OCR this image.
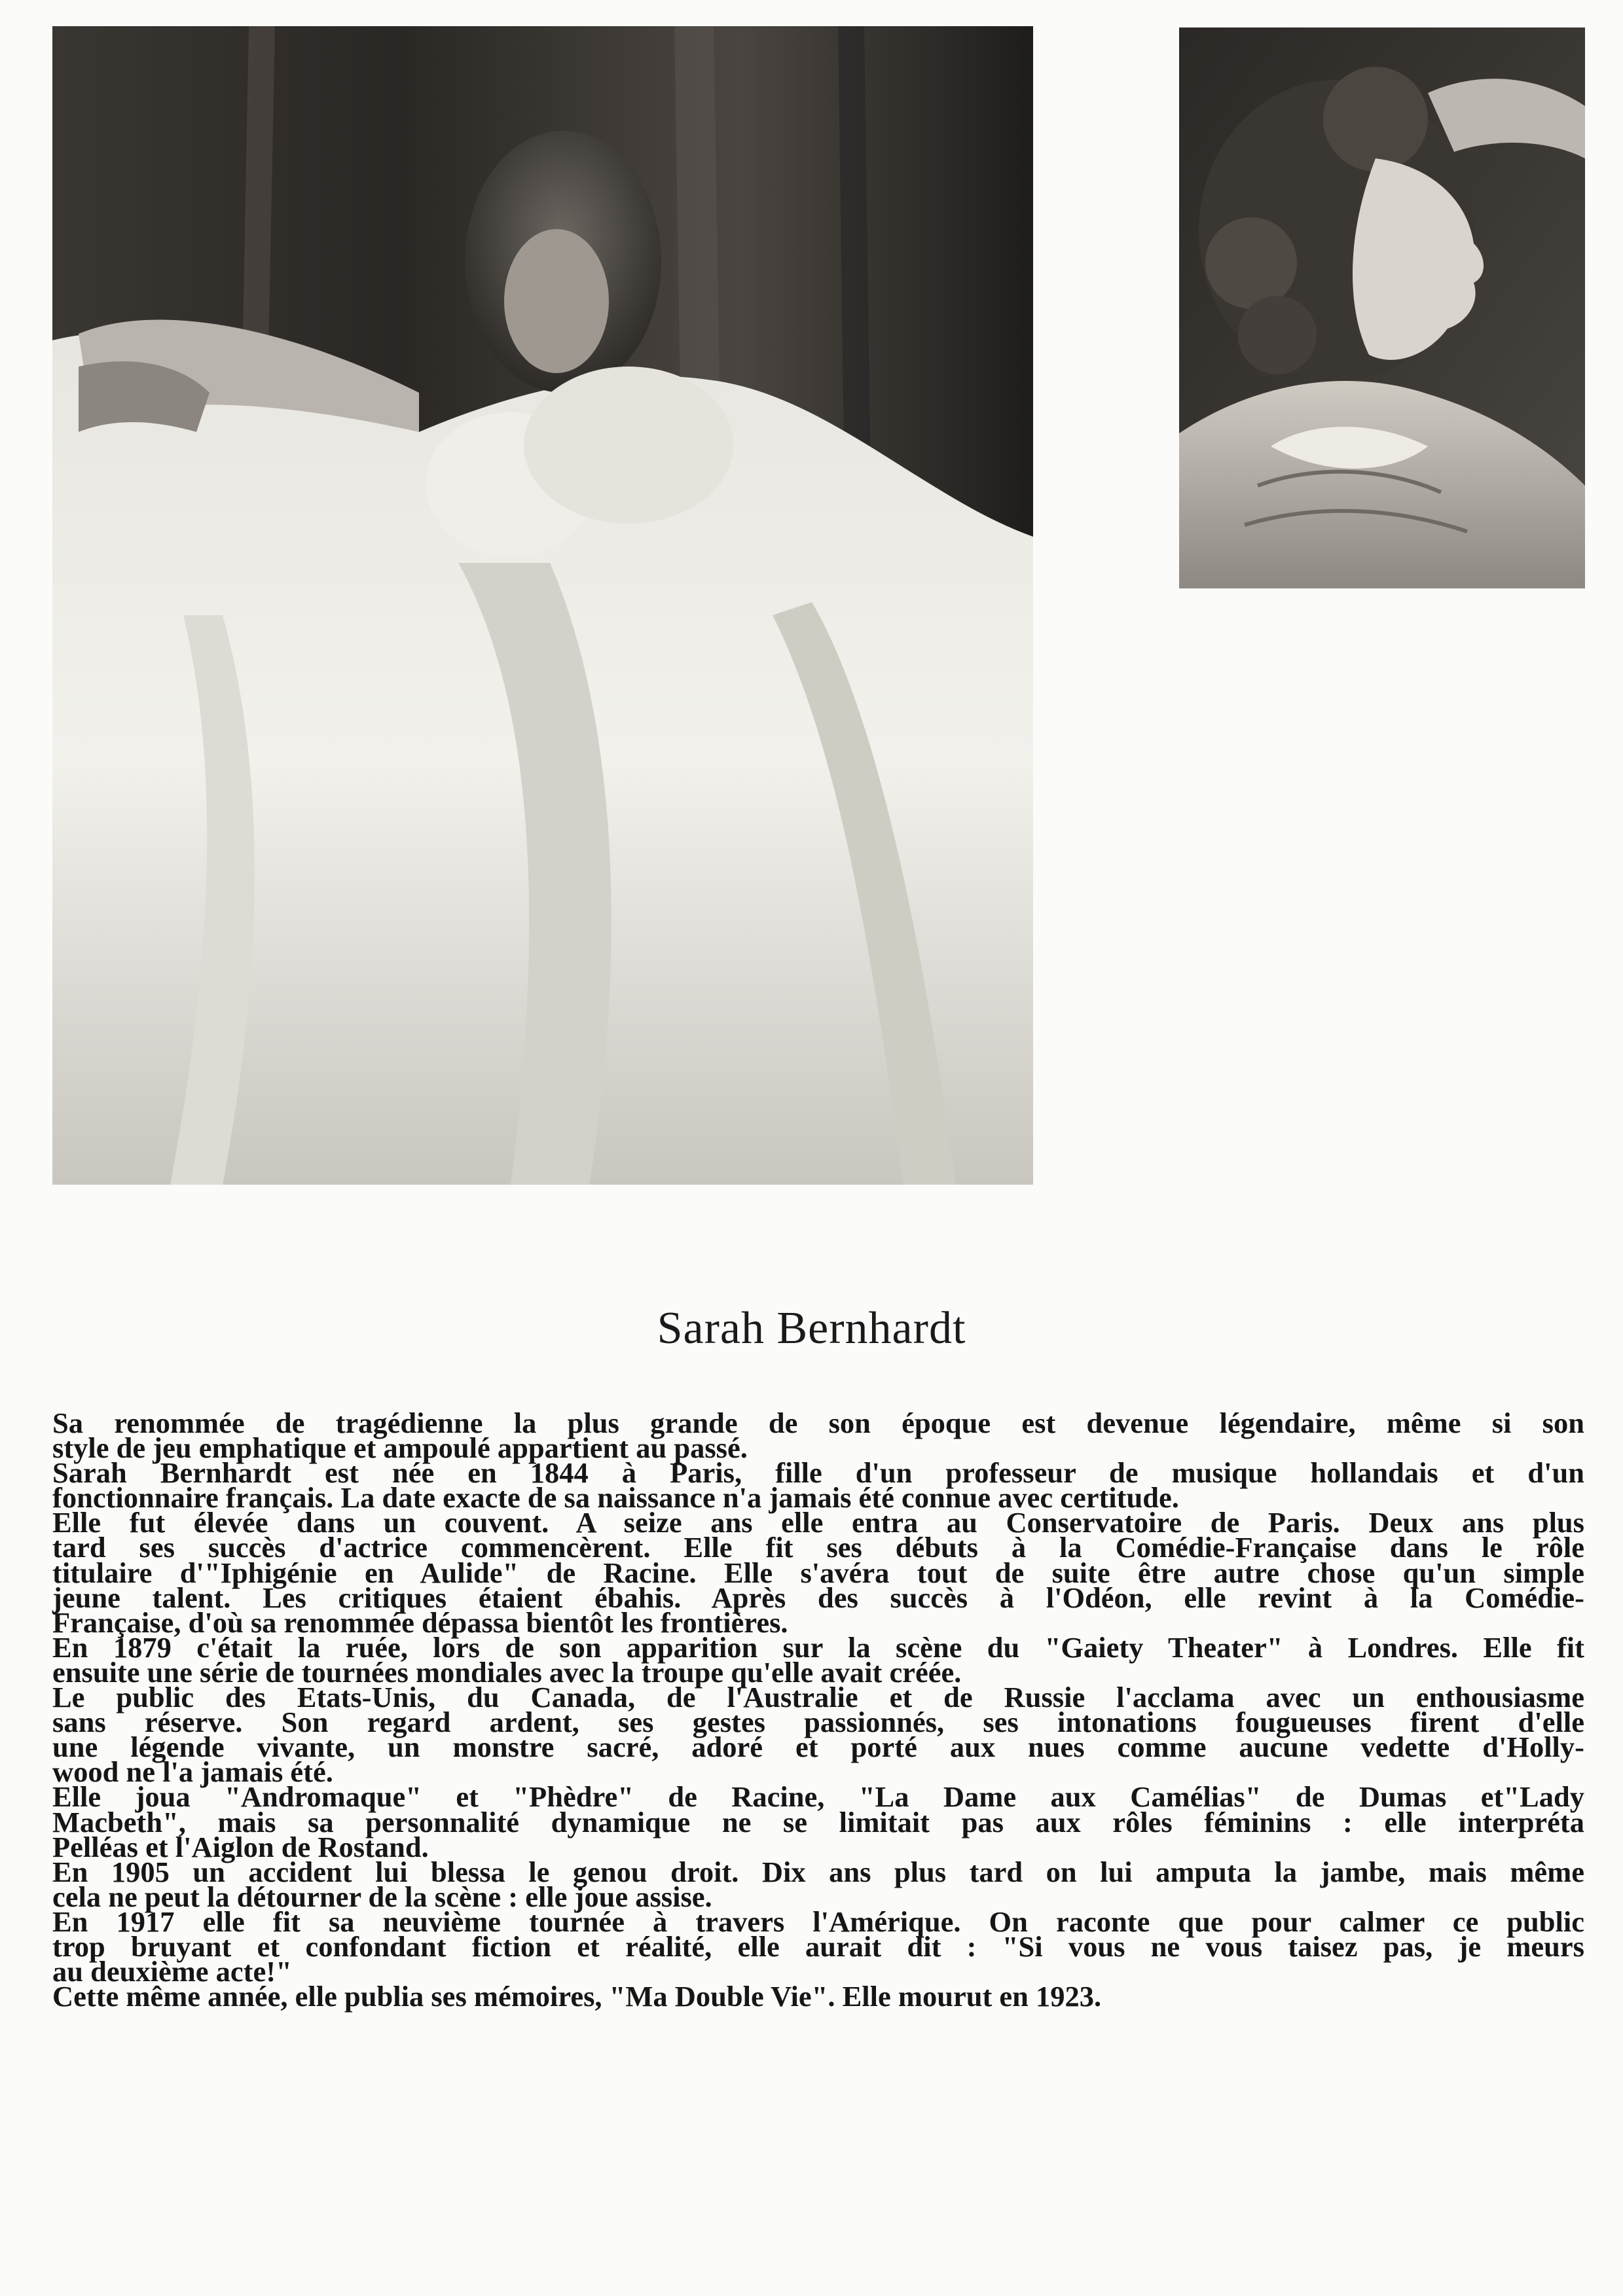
Sarah Bernhardt
Sa renommée de tragédienne la plus grande de son époque est devenue légendaire, même si son
style de jeu emphatique et ampoulé appartient au passé.
Sarah Bernhardt est née en 1844 à Paris, fille d'un professeur de musique hollandais et d'un
fonctionnaire français. La date exacte de sa naissance n'a jamais été connue avec certitude.
Elle fut élevée dans un couvent. A seize ans elle entra au Conservatoire de Paris. Deux ans plus
tard ses succès d'actrice commencèrent. Elle fit ses débuts à la Comédie-Française dans le rôle
titulaire d'"Iphigénie en Aulide" de Racine. Elle s'avéra tout de suite être autre chose qu'un simple
jeune talent. Les critiques étaient ébahis. Après des succès à l'Odéon, elle revint à la Comédie-
Française, d'où sa renommée dépassa bientôt les frontières.
En 1879 c'était la ruée, lors de son apparition sur la scène du "Gaiety Theater" à Londres. Elle fit
ensuite une série de tournées mondiales avec la troupe qu'elle avait créée.
Le public des Etats-Unis, du Canada, de l'Australie et de Russie l'acclama avec un enthousiasme
sans réserve. Son regard ardent, ses gestes passionnés, ses intonations fougueuses firent d'elle
une légende vivante, un monstre sacré, adoré et porté aux nues comme aucune vedette d'Holly-
wood ne l'a jamais été.
Elle joua "Andromaque" et "Phèdre" de Racine, "La Dame aux Camélias" de Dumas et"Lady
Macbeth", mais sa personnalité dynamique ne se limitait pas aux rôles féminins : elle interpréta
Pelléas et l'Aiglon de Rostand.
En 1905 un accident lui blessa le genou droit. Dix ans plus tard on lui amputa la jambe, mais même
cela ne peut la détourner de la scène : elle joue assise.
En 1917 elle fit sa neuvième tournée à travers l'Amérique. On raconte que pour calmer ce public
trop bruyant et confondant fiction et réalité, elle aurait dit : "Si vous ne vous taisez pas, je meurs
au deuxième acte!"
Cette même année, elle publia ses mémoires, "Ma Double Vie". Elle mourut en 1923.
